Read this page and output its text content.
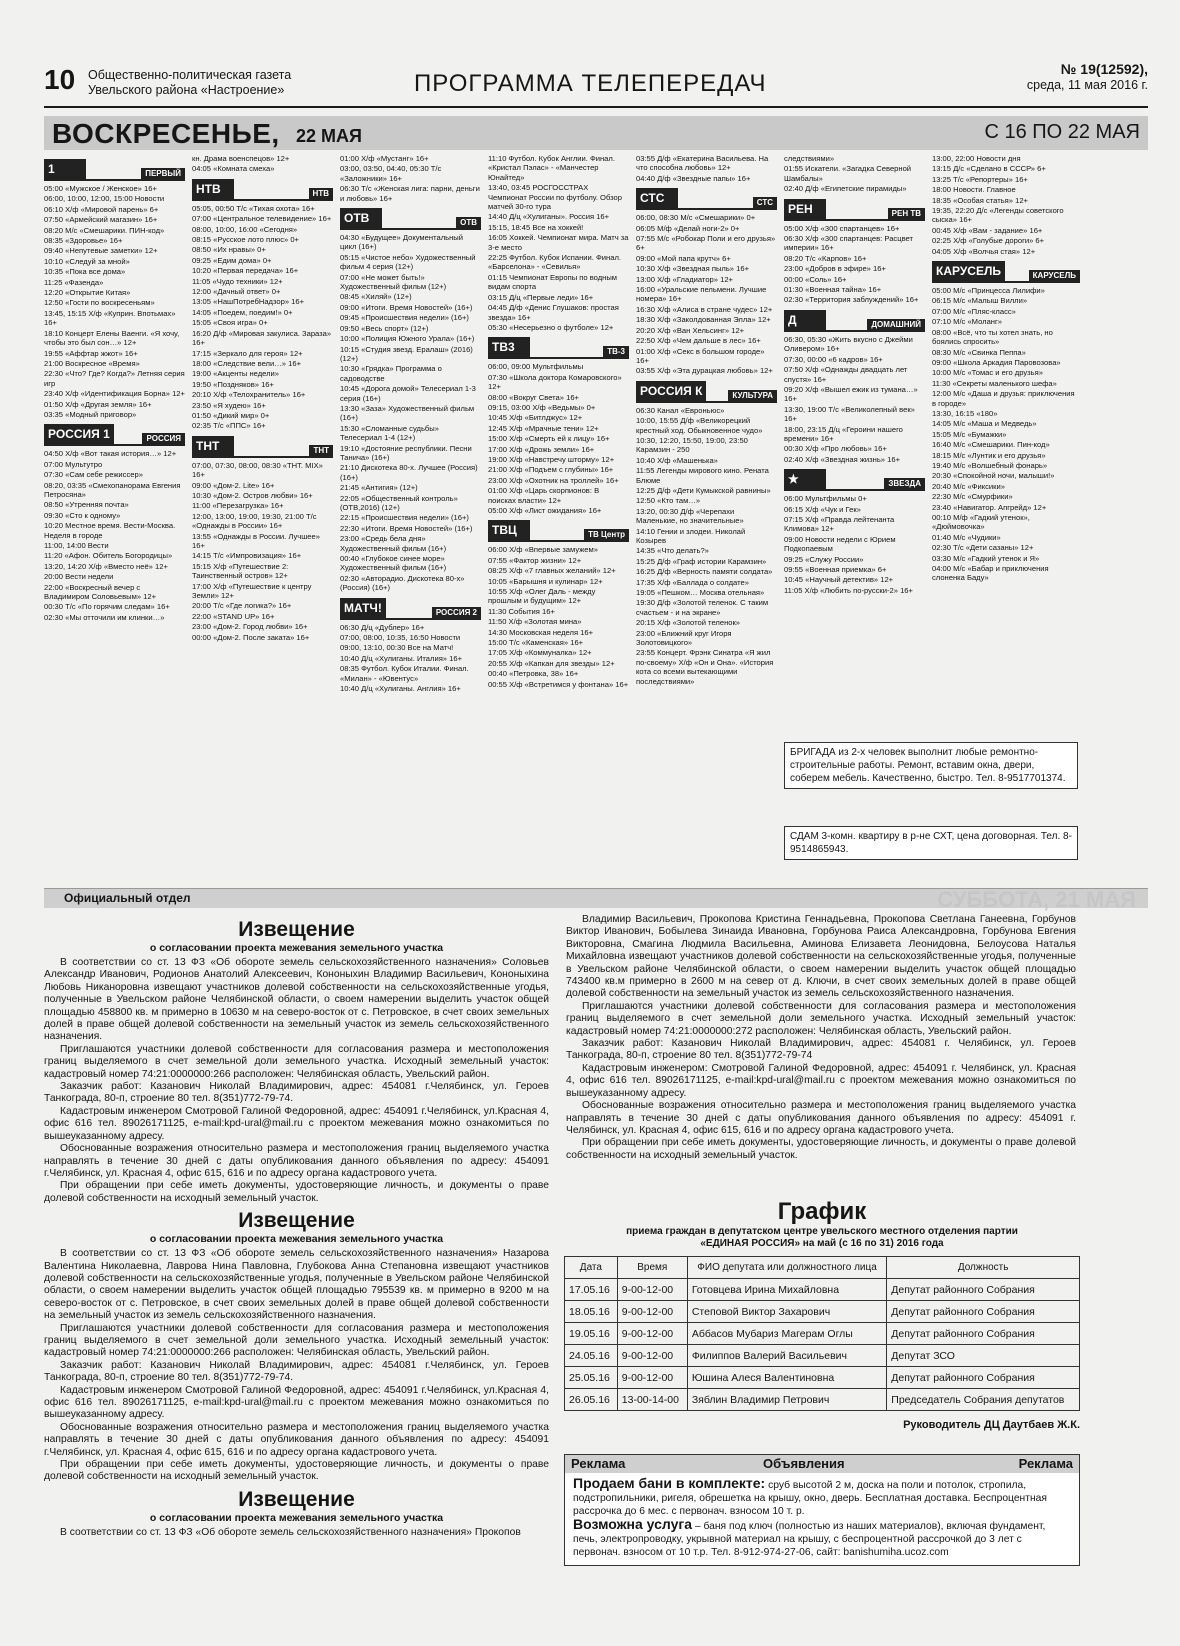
10 Общественно-политическая газета
Увельского района «Настроение»	ПРОГРАММА ТЕЛЕПЕРЕДАЧ
№ 19(12592),
среда, 11 мая 2016 г.
ВОСКРЕСЕНЬЕ, 22 МАЯ	С 16 ПО 22 МАЯ
1	ПЕРВЫЙ
05:00 «Мужское / Женское» 16+
06:00, 10:00, 12:00, 15:00 Новости
06:10 Х/ф «Мировой парень» 6+
07:50 «Армейский магазин» 16+
08:20 М/с «Смешарики. ПИН-код»
08:35 «Здоровье» 16+
09:40 «Непутевые заметки» 12+
10:10 «Следуй за мной»
10:35 «Пока все дома»
11:25 «Фазенда»
12:20 «Открытие Китая»
12:50 «Гости по воскресеньям»
13:45, 15:15 Х/ф «Куприн. Впотьмах» 16+
18:10 Концерт Елены Ваенги. «Я хочу, чтобы это был сон…» 12+
19:55 «Аффтар жжот» 16+
21:00 Воскресное «Время»
22:30 «Что? Где? Когда?» Летняя серия игр
23:40 Х/ф «Идентификация Борна» 12+
01:50 Х/ф «Другая земля» 16+
03:35 «Модный приговор»
РОССИЯ 1	РОССИЯ
04:50 Х/ф «Вот такая история…» 12+
07:00 Мультутро
07:30 «Сам себе режиссер»
08:20, 03:35 «Смехопанорама Евгения Петросяна»
08:50 «Утренняя почта»
09:30 «Сто к одному»
10:20 Местное время. Вести-Москва. Неделя в городе
11:00, 14:00 Вести
11:20 «Афон. Обитель Богородицы»
13:20, 14:20 Х/ф «Вместо неё» 12+
20:00 Вести недели
22:00 «Воскресный вечер с Владимиром Соловьевым» 12+
00:30 Т/с «По горячим следам» 16+
02:30 «Мы отточили им клинки…»
кн. Драма военспецов» 12+
04:05 «Комната смеха»
НТВ	НТВ
05:05, 00:50 Т/с «Тихая охота» 16+
07:00 «Центральное телевидение» 16+
08:00, 10:00, 16:00 «Сегодня»
08:15 «Русское лото плюс» 0+
08:50 «Их нравы» 0+
09:25 «Едим дома» 0+
10:20 «Первая передача» 16+
11:05 «Чудо техники» 12+
12:00 «Дачный ответ» 0+
13:05 «НашПотребНадзор» 16+
14:05 «Поедем, поедим!» 0+
15:05 «Своя игра» 0+
16:20 Д/ф «Мировая закулиса. Зараза» 16+
17:15 «Зеркало для героя» 12+
18:00 «Следствие вели…» 16+
19:00 «Акценты недели»
19:50 «Пoздняков» 16+
20:10 Х/ф «Телохранитель» 16+
23:50 «Я худею» 16+
01:50 «Дикий мир» 0+
02:35 Т/с «ППС» 16+
ТНТ	ТНТ
07:00, 07:30, 08:00, 08:30 «ТНТ. MIX» 16+
09:00 «Дом-2. Lite» 16+
10:30 «Дом-2. Остров любви» 16+
11:00 «Перезагрузка» 16+
12:00, 13:00, 19:00, 19:30, 21:00 Т/с «Однажды в России» 16+
13:55 «Однажды в России. Лучшее» 16+
14:15 Т/с «Импровизация» 16+
15:15 Х/ф «Путешествие 2: Таинственный остров» 12+
17:00 Х/ф «Путешествие к центру Земли» 12+
20:00 Т/с «Где логика?» 16+
22:00 «STAND UP» 16+
23:00 «Дом-2. Город любви» 16+
00:00 «Дом-2. После заката» 16+
01:00 Х/ф «Мустанг» 16+
03:00, 03:50, 04:40, 05:30 Т/с «Заложники» 16+
06:30 Т/с «Женская лига: парни, деньги и любовь» 16+
ОТВ	ОТВ
04:30 «Будущее» Документальный цикл (16+)
05:15 «Чистое небо» Художественный фильм 4 серия (12+)
07:00 «Не может быть!» Художественный фильм (12+)
08:45 «Хиляй» (12+)
09:00 «Итоги. Время Новостей» (16+)
09:45 «Происшествия недели» (16+)
09:50 «Весь спорт» (12+)
10:00 «Полиция Южного Урала» (16+)
10:15 «Студия звезд. Ералаш» (2016) (12+)
10:30 «Грядка» Программа о садоводстве
10:45 «Дорога домой» Телесериал 1-3 серия (16+)
13:30 «Заза» Художественный фильм (16+)
15:30 «Сломанные судьбы» Телесериал 1-4 (12+)
19:10 «Достояние республики. Песни Танича» (16+)
21:10 Дискотека 80-х. Лучшее (Россия) (16+)
21:45 «Антигия» (12+)
22:05 «Общественный контроль» (ОТВ,2016) (12+)
22:15 «Происшествия недели» (16+)
22:30 «Итоги. Время Новостей» (16+)
23:00 «Средь бела дня» Художественный фильм (16+)
00:40 «Глубокое синее море» Художественный фильм (16+)
02:30 «Авторадио. Дискотека 80-х» (Россия) (16+)
МАТЧ!	РОССИЯ 2
06:30 Д/ц «Дублер» 16+
07:00, 08:00, 10:35, 16:50 Новости
09:00, 13:10, 00:30 Все на Матч!
10:40 Д/ц «Хулиганы. Италия» 16+
08:35 Футбол. Кубок Италии. Финал. «Милан» - «Ювентус»
10:40 Д/ц «Хулиганы. Англия» 16+
11:10 Футбол. Кубок Англии. Финал. «Кристал Пэлас» - «Манчестер Юнайтед»
13:40, 03:45 РОСГОССТРАХ Чемпионат России по футболу. Обзор матчей 30-го тура
14:40 Д/ц «Хулиганы». Россия 16+
15:15, 18:45 Все на хоккей!
16:05 Хоккей. Чемпионат мира. Матч за 3-е место
22:25 Футбол. Кубок Испании. Финал. «Барселона» - «Севилья»
01:15 Чемпионат Европы по водным видам спорта
03:15 Д/ц «Первые леди» 16+
04:45 Д/ф «Денис Глушаков: простая звезда» 16+
05:30 «Несерьезно о футболе» 12+
ТВ3	ТВ-3
06:00, 09:00 Мультфильмы
07:30 «Школа доктора Комаровского» 12+
08:00 «Вокруг Света» 16+
09:15, 03:00 Х/ф «Ведьмы» 0+
10:45 Х/ф «Битлджус» 12+
12:45 Х/ф «Мрачные тени» 12+
15:00 Х/ф «Смерть ей к лицу» 16+
17:00 Х/ф «Дрожь земли» 16+
19:00 Х/ф «Навстречу шторму» 12+
21:00 Х/ф «Подъем с глубины» 16+
23:00 Х/ф «Охотник на троллей» 16+
01:00 Х/ф «Царь скорпионов: В поисках власти» 12+
05:00 Х/ф «Лист ожидания» 16+
ТВЦ	ТВ Центр
06:00 Х/ф «Впервые замужем»
07:55 «Фактор жизни» 12+
08:25 Х/ф «7 главных желаний» 12+
10:05 «Барышня и кулинар» 12+
10:55 Х/ф «Олег Даль - между прошлым и будущим» 12+
11:30 События 16+
11:50 Х/ф «Золотая мина»
14:30 Московская неделя 16+
15:00 Т/с «Каменская» 16+
17:05 Х/ф «Коммуналка» 12+
20:55 Х/ф «Капкан для звезды» 12+
00:40 «Петровка, 38» 16+
00:55 Х/ф «Встретимся у фонтана» 16+
03:55 Д/ф «Екатерина Васильева. На что способна любовь» 12+
04:40 Д/ф «Звездные папы» 16+
СТС	СТС
06:00, 08:30 М/с «Смешарики» 0+
06:05 М/ф «Делай ноги-2» 0+
07:55 М/с «Робокар Поли и его друзья» 6+
09:00 «Мой папа крутч» 6+
10:30 Х/ф «Звездная пыль» 16+
13:00 Х/ф «Гладиатор» 12+
16:00 «Уральские пельмени. Лучшие номера» 16+
16:30 Х/ф «Алиса в стране чудес» 12+
18:30 Х/ф «Заколдованная Элла» 12+
20:20 Х/ф «Ван Хельсинг» 12+
22:50 Х/ф «Чем дальше в лес» 16+
01:00 Х/ф «Секс в большом городе» 16+
03:55 Х/ф «Эта дурацкая любовь» 12+
РОССИЯ К	КУЛЬТУРА
06:30 Канал «Евроньюс»
10:00, 15:55 Д/ф «Великорецкий крестный ход. Обыкновенное чудо»
10:30, 12:20, 15:50, 19:00, 23:50 Карамзин - 250
10:40 Х/ф «Машенька»
11:55 Легенды мирового кино. Рената Блюме
12:25 Д/ф «Дети Кумыкской равнины»
12:50 «Кто там…»
13:20, 00:30 Д/ф «Черепахи Маленькие, но значительные»
14:10 Гении и злодеи. Николай Козырев
14:35 «Что делать?»
15:25 Д/ф «Граф истории Карамзин»
16:25 Д/ф «Верность памяти солдата»
17:35 Х/ф «Баллада о солдате»
19:05 «Пешком… Москва отельная»
19:30 Д/ф «Золотой теленок. С таким счастьем - и на экране»
20:15 Х/ф «Золотой теленок»
23:00 «Ближний круг Игоря Золотовицкого»
23:55 Концерт. Фрэнк Синатра «Я жил по-своему» Х/ф «Он и Она». «История кота со всеми вытекающими последствиями»
следствиями»
01:55 Искатели. «Загадка Северной Шамбалы»
02:40 Д/ф «Египетские пирамиды»
РЕН	РЕН ТВ
05:00 Х/ф «300 спартанцев» 16+
06:30 Х/ф «300 спартанцев: Расцвет империи» 16+
08:20 Т/с «Карпов» 16+
23:00 «Добров в эфире» 16+
00:00 «Соль» 16+
01:30 «Военная тайна» 16+
02:30 «Территория заблуждений» 16+
Д	ДОМАШНИЙ
06:30, 05:30 «Жить вкусно с Джейми Оливером» 16+
07:30, 00:00 «6 кадров» 16+
07:50 Х/ф «Однажды двадцать лет спустя» 16+
09:20 Х/ф «Вышел ежик из тумана…» 16+
13:30, 19:00 Т/с «Великолепный век» 16+
18:00, 23:15 Д/ц «Героини нашего времени» 16+
00:30 Х/ф «Про любовь» 16+
02:40 Х/ф «Звездная жизнь» 16+
★	ЗВЕЗДА
06:00 Мультфильмы 0+
06:15 Х/ф «Чук и Гек»
07:15 Х/ф «Правда лейтенанта Климова» 12+
09:00 Новости недели с Юрием Подкопаевым
09:25 «Служу России»
09:55 «Военная приемка» 6+
10:45 «Научный детектив» 12+
11:05 Х/ф «Любить по-русски-2» 16+
13:00, 22:00 Новости дня
13:15 Д/с «Сделано в СССР» 6+
13:25 Т/с «Репортеры» 16+
18:00 Новости. Главное
18:35 «Особая статья» 12+
19:35, 22:20 Д/с «Легенды советского сыска» 16+
00:45 Х/ф «Вам - задание» 16+
02:25 Х/ф «Голубые дороги» 6+
04:05 Х/ф «Волчья стая» 12+
КАРУСЕЛЬ	КАРУСЕЛЬ
05:00 М/с «Принцесса Лилифи»
06:15 М/с «Малыш Вилли»
07:00 М/с «Пляс-класс»
07:10 М/с «Моланг»
08:00 «Всё, что ты хотел знать, но боялись спросить»
08:30 М/с «Свинка Пеппа»
09:00 «Школа Аркадия Паровозова»
10:00 М/с «Томас и его друзья»
11:30 «Секреты маленького шефа»
12:00 М/с «Даша и друзья: приключения в городе»
13:30, 16:15 «180»
14:05 М/с «Маша и Медведь»
15:05 М/с «Бумажки»
16:40 М/с «Смешарики. Пин-код»
18:15 М/с «Лунтик и его друзья»
19:40 М/с «Волшебный фонарь»
20:30 «Спокойной ночи, малыши!»
20:40 М/с «Фиксики»
22:30 М/с «Смурфики»
23:40 «Навигатор. Апгрейд» 12+
00:10 М/ф «Гадкий утенок», «Дюймовочка»
01:40 М/с «Чудики»
02:30 Т/с «Дети сазаны» 12+
03:30 М/с «Гадкий утенок и Я»
04:00 М/с «Бабар и приключения слоненка Баду»
БРИГАДА из 2-х человек выполнит любые ремонтно-строительные работы. Ремонт, вставим окна, двери, соберем мебель. Качественно, быстро. Тел. 8-9517701374.
СДАМ 3-комн. квартиру в р-не СХТ, цена договорная. Тел. 8-9514865943.
Официальный отдел	СУББОТА, 21 МАЯ
Извещение
о согласовании проекта межевания земельного участка
В соответствии со ст. 13 ФЗ «Об обороте земель сельскохозяйственного назначения» Соловьев Александр Иванович, Родионов Анатолий Алексеевич, Кононыхин Владимир Васильевич, Кононыхина Любовь Никаноровна извещают участников долевой собственности на сельскохозяйственные угодья, полученные в Увельском районе Челябинской области, о своем намерении выделить участок общей площадью 458800 кв. м примерно в 10630 м на северо-восток от с. Петровское, в счет своих земельных долей в праве общей долевой собственности на земельный участок из земель сельскохозяйственного назначения.
Приглашаются участники долевой собственности для согласования размера и местоположения границ выделяемого в счет земельной доли земельного участка. Исходный земельный участок: кадастровый номер 74:21:0000000:266 расположен: Челябинская область, Увельский район.
Заказчик работ: Казанович Николай Владимирович, адрес: 454081 г.Челябинск, ул. Героев Танкограда, 80-п, строение 80 тел. 8(351)772-79-74.
Кадастровым инженером Смотровой Галиной Федоровной, адрес: 454091 г.Челябинск, ул.Красная 4, офис 616 тел. 89026171125, e-mail:kpd-ural@mail.ru с проектом межевания можно ознакомиться по вышеуказанному адресу.
Обоснованные возражения относительно размера и местоположения границ выделяемого участка направлять в течение 30 дней с даты опубликования данного объявления по адресу: 454091 г.Челябинск, ул. Красная 4, офис 615, 616 и по адресу органа кадастрового учета.
При обращении при себе иметь документы, удостоверяющие личность, и документы о праве долевой собственности на исходный земельный участок.
Извещение
о согласовании проекта межевания земельного участка
В соответствии со ст. 13 ФЗ «Об обороте земель сельскохозяйственного назначения» Назарова Валентина Николаевна, Лаврова Нина Павловна, Глубокова Анна Степановна извещают участников долевой собственности на сельскохозяйственные угодья, полученные в Увельском районе Челябинской области, о своем намерении выделить участок общей площадью 795539 кв. м примерно в 9200 м на северо-восток от с. Петровское, в счет своих земельных долей в праве общей долевой собственности на земельный участок из земель сельскохозяйственного назначения.
Приглашаются участники долевой собственности для согласования размера и местоположения границ выделяемого в счет земельной доли земельного участка. Исходный земельный участок: кадастровый номер 74:21:0000000:266 расположен: Челябинская область, Увельский район.
Заказчик работ: Казанович Николай Владимирович, адрес: 454081 г.Челябинск, ул. Героев Танкограда, 80-п, строение 80 тел. 8(351)772-79-74.
Кадастровым инженером Смотровой Галиной Федоровной, адрес: 454091 г.Челябинск, ул.Красная 4, офис 616 тел. 89026171125, e-mail:kpd-ural@mail.ru с проектом межевания можно ознакомиться по вышеуказанному адресу.
Обоснованные возражения относительно размера и местоположения границ выделяемого участка направлять в течение 30 дней с даты опубликования данного объявления по адресу: 454091 г.Челябинск, ул. Красная 4, офис 615, 616 и по адресу органа кадастрового учета.
При обращении при себе иметь документы, удостоверяющие личность, и документы о праве долевой собственности на исходный земельный участок.
Извещение
о согласовании проекта межевания земельного участка
В соответствии со ст. 13 ФЗ «Об обороте земель сельскохозяйственного назначения» Прокопов
Владимир Васильевич, Прокопова Кристина Геннадьевна, Прокопова Светлана Ганеевна, Горбунов Виктор Иванович, Бобылева Зинаида Ивановна, Горбунова Раиса Александровна, Горбунова Евгения Викторовна, Смагина Людмила Васильевна, Аминова Елизавета Леонидовна, Белоусова Наталья Михайловна извещают участников долевой собственности на сельскохозяйственные угодья, полученные в Увельском районе Челябинской области, о своем намерении выделить участок общей площадью 743400 кв.м примерно в 2600 м на север от д. Ключи, в счет своих земельных долей в праве общей долевой собственности на земельный участок из земель сельскохозяйственного назначения.
Приглашаются участники долевой собственности для согласования размера и местоположения границ выделяемого в счет земельной доли земельного участка. Исходный земельный участок: кадастровый номер 74:21:0000000:272 расположен: Челябинская область, Увельский район.
Заказчик работ: Казанович Николай Владимирович, адрес: 454081 г. Челябинск, ул. Героев Танкограда, 80-п, строение 80 тел. 8(351)772-79-74
Кадастровым инженером: Смотровой Галиной Федоровной, адрес: 454091 г. Челябинск, ул. Красная 4, офис 616 тел. 89026171125, e-mail:kpd-ural@mail.ru с проектом межевания можно ознакомиться по вышеуказанному адресу.
Обоснованные возражения относительно размера и местоположения границ выделяемого участка направлять в течение 30 дней с даты опубликования данного объявления по адресу: 454091 г. Челябинск, ул. Красная 4, офис 615, 616 и по адресу органа кадастрового учета.
При обращении при себе иметь документы, удостоверяющие личность, и документы о праве долевой собственности на исходный земельный участок.
График
приема граждан в депутатском центре увельского местного отделения партии
«ЕДИНАЯ РОССИЯ» на май (с 16 по 31) 2016 года
Дата	Время	ФИО депутата или должностного лица	Должность
17.05.16	9-00-12-00	Готовцева Ирина Михайловна	Депутат районного Собрания
18.05.16	9-00-12-00	Степовой Виктор Захарович	Депутат районного Собрания
19.05.16	9-00-12-00	Аббасов Мубариз Магерам Оглы	Депутат районного Собрания
24.05.16	9-00-12-00	Филиппов Валерий Васильевич	Депутат ЗСО
25.05.16	9-00-12-00	Юшина Алеся Валентиновна	Депутат районного Собрания
26.05.16	13-00-14-00	Зяблин Владимир Петрович	Председатель Собрания депутатов
Руководитель ДЦ Даутбаев Ж.К.
Реклама	Объявления	Реклама
Продаем бани в комплекте: сруб высотой 2 м, доска на поли и потолок, стропила, подстропильники, ригеля, обрешетка на крышу, окно, дверь. Бесплатная доставка. Беспроцентная рассрочка до 6 мес. с первонач. взносом 10 т. р.
Возможна услуга – баня под ключ (полностью из наших материалов), включая фундамент, печь, электропроводку, укрывной материал на крышу, с беспроцентной рассрочкой до 3 лет с первонач. взносом от 10 т.р. Тел. 8-912-974-27-06, сайт: banishumiha.ucoz.com
